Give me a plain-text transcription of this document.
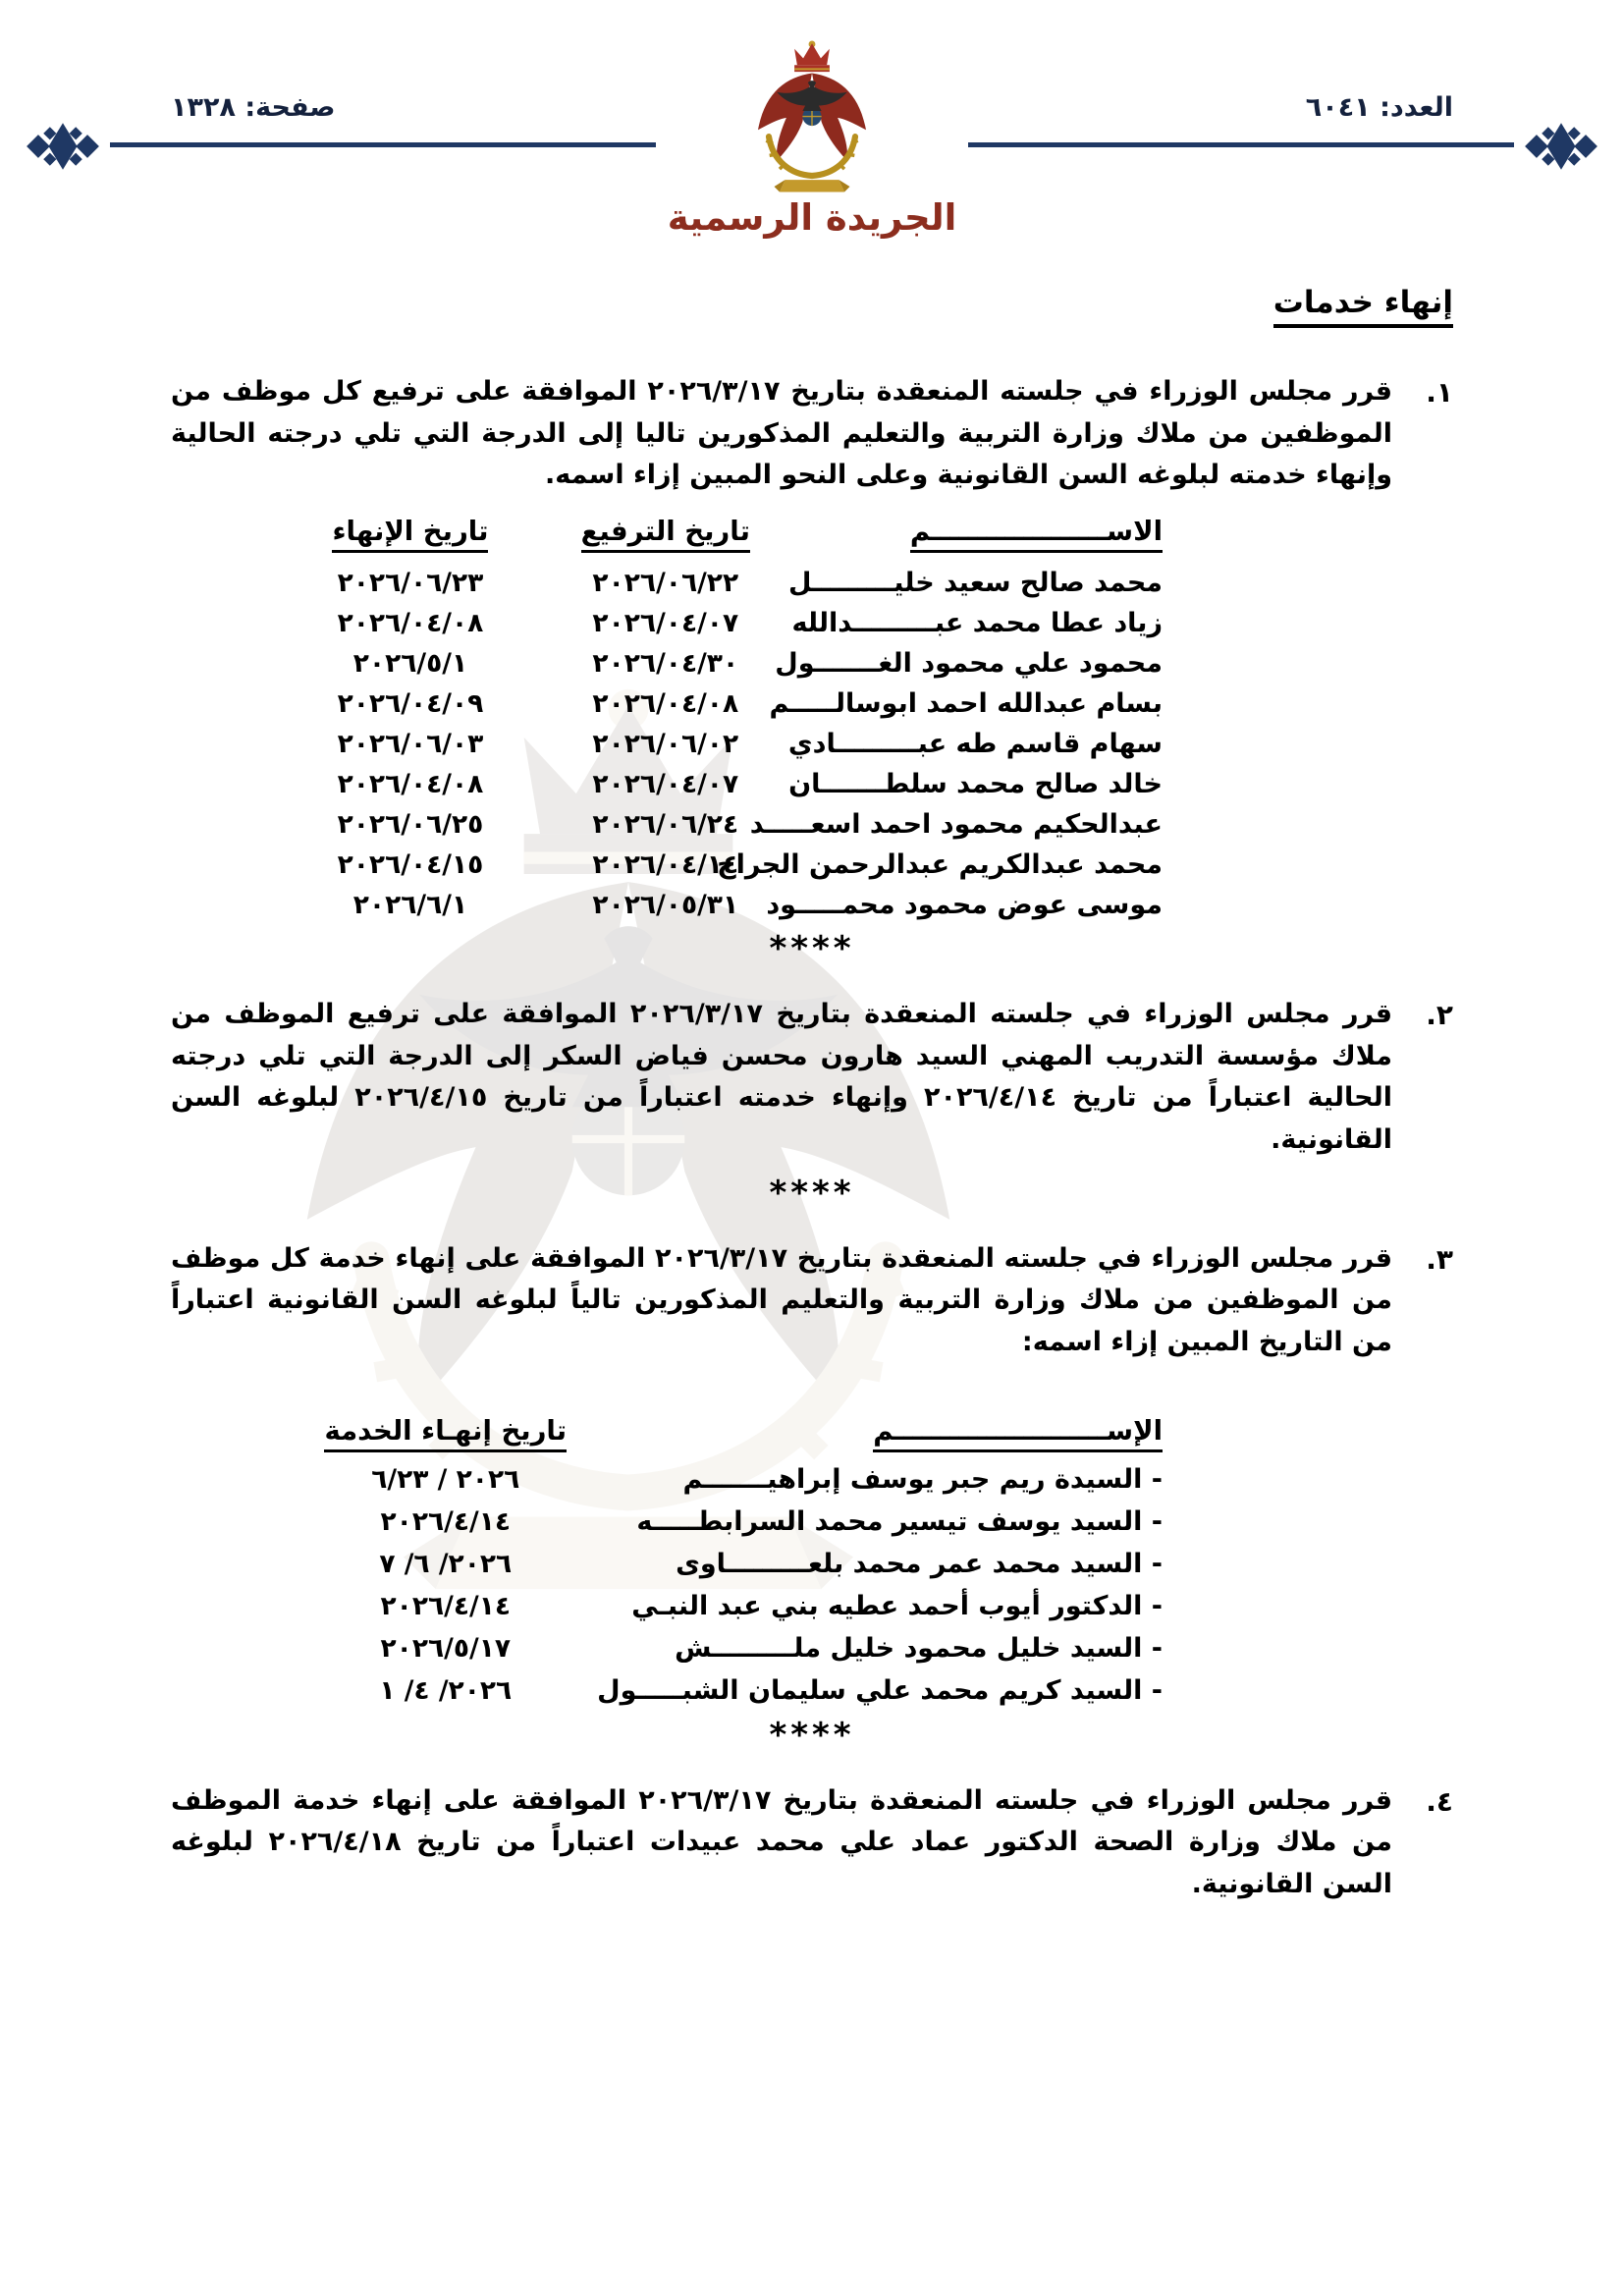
صفحة: ١٣٢٨	العدد: ٦٠٤١
الجريدة الرسمية
إنهاء خدمات
١.

قرر مجلس الوزراء في جلسته المنعقدة بتاريخ ٢٠٢٦/٣/١٧ الموافقة على ترفيع كل موظف من الموظفين من ملاك وزارة التربية والتعليم المذكورين تاليا إلى الدرجة التي تلي درجته الحالية وإنهاء خدمته لبلوغه السن القانونية وعلى النحو المبين إزاء اسمه.

الاســـــــــــــــــــم
تاريخ الترفيع
تاريخ الإنهاء
محمد صالح سعيد خليـــــــــل
٢٠٢٦/٠٦/٢٢
٢٠٢٦/٠٦/٢٣
زياد عطا محمد عبـــــــــدالله
٢٠٢٦/٠٤/٠٧
٢٠٢٦/٠٤/٠٨
محمود علي محمود الغـــــــول
٢٠٢٦/٠٤/٣٠
٢٠٢٦/٥/١
بسام عبدالله احمد ابوسالـــــم
٢٠٢٦/٠٤/٠٨
٢٠٢٦/٠٤/٠٩
سهام قاسم طه عبـــــــــادي
٢٠٢٦/٠٦/٠٢
٢٠٢٦/٠٦/٠٣
خالد صالح محمد سلطـــــــان
٢٠٢٦/٠٤/٠٧
٢٠٢٦/٠٤/٠٨
عبدالحكيم محمود احمد اسعـــــد
٢٠٢٦/٠٦/٢٤
٢٠٢٦/٠٦/٢٥
محمد عبدالكريم عبدالرحمن الجراح
٢٠٢٦/٠٤/١٤
٢٠٢٦/٠٤/١٥
موسى عوض محمود محمـــــود
٢٠٢٦/٠٥/٣١
٢٠٢٦/٦/١
****
٢.

قرر مجلس الوزراء في جلسته المنعقدة بتاريخ ٢٠٢٦/٣/١٧ الموافقة على ترفيع الموظف من ملاك مؤسسة التدريب المهني السيد هارون محسن فياض السكر إلى الدرجة التي تلي درجته الحالية اعتباراً من تاريخ ٢٠٢٦/٤/١٤ وإنهاء خدمته اعتباراً من تاريخ ٢٠٢٦/٤/١٥ لبلوغه السن القانونية.

****
٣.

قرر مجلس الوزراء في جلسته المنعقدة بتاريخ ٢٠٢٦/٣/١٧ الموافقة على إنهاء خدمة كل موظف من الموظفين من ملاك وزارة التربية والتعليم المذكورين تالياً لبلوغه السن القانونية اعتباراً من التاريخ المبين إزاء اسمه:

الإســـــــــــــــــــــــم
تاريخ إنهـاء الخدمة
- السيدة ريم جبر يوسف إبراهيـــــــم
٢٠٢٦ / ٦/٢٣
- السيد يوسف تيسير محمد السرابطـــــه
٢٠٢٦/٤/١٤
- السيد محمد عمر محمد بلعـــــــــاوى
٢٠٢٦/ ٦/ ٧
- الدكتور أيوب أحمد عطيه بني عبد النبـي
٢٠٢٦/٤/١٤
- السيد خليل محمود خليل ملـــــــــش
٢٠٢٦/٥/١٧
- السيد كريم محمد علي سليمان الشبـــــول
٢٠٢٦/ ٤/ ١
****
٤.

قرر مجلس الوزراء في جلسته المنعقدة بتاريخ ٢٠٢٦/٣/١٧ الموافقة على إنهاء خدمة الموظف من ملاك وزارة الصحة الدكتور عماد علي محمد عبيدات اعتباراً من تاريخ ٢٠٢٦/٤/١٨ لبلوغه السن القانونية.
